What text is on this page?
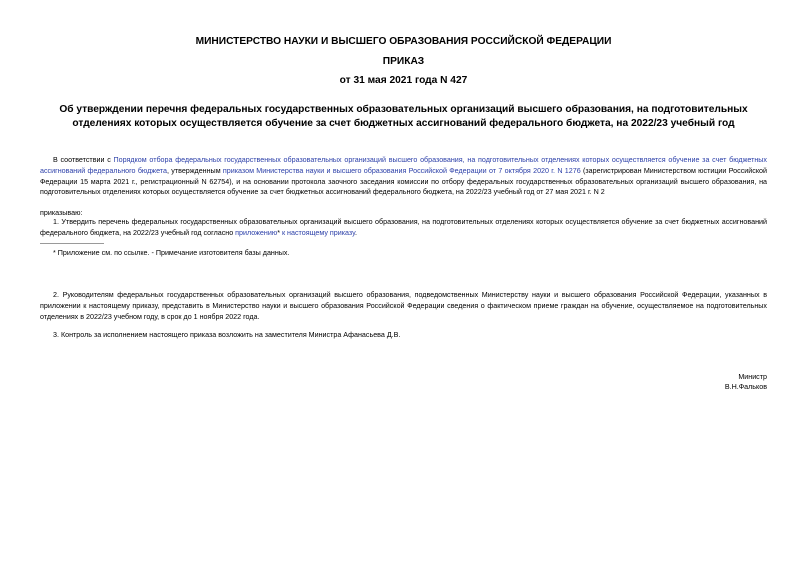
МИНИСТЕРСТВО НАУКИ И ВЫСШЕГО ОБРАЗОВАНИЯ РОССИЙСКОЙ ФЕДЕРАЦИИ
ПРИКАЗ
от 31 мая 2021 года N 427
Об утверждении перечня федеральных государственных образовательных организаций высшего образования, на подготовительных отделениях которых осуществляется обучение за счет бюджетных ассигнований федерального бюджета, на 2022/23 учебный год
В соответствии с Порядком отбора федеральных государственных образовательных организаций высшего образования, на подготовительных отделениях которых осуществляется обучение за счет бюджетных ассигнований федерального бюджета, утвержденным приказом Министерства науки и высшего образования Российской Федерации от 7 октября 2020 г. N 1276 (зарегистрирован Министерством юстиции Российской Федерации 15 марта 2021 г., регистрационный N 62754), и на основании протокола заочного заседания комиссии по отбору федеральных государственных образовательных организаций высшего образования, на подготовительных отделениях которых осуществляется обучение за счет бюджетных ассигнований федерального бюджета, на 2022/23 учебный год от 27 мая 2021 г. N 2
приказываю:
1. Утвердить перечень федеральных государственных образовательных организаций высшего образования, на подготовительных отделениях которых осуществляется обучение за счет бюджетных ассигнований федерального бюджета, на 2022/23 учебный год согласно приложению* к настоящему приказу.
* Приложение см. по ссылке. - Примечание изготовителя базы данных.
2. Руководителям федеральных государственных образовательных организаций высшего образования, подведомственных Министерству науки и высшего образования Российской Федерации, указанных в приложении к настоящему приказу, представить в Министерство науки и высшего образования Российской Федерации сведения о фактическом приеме граждан на обучение, осуществляемое на подготовительных отделениях в 2022/23 учебном году, в срок до 1 ноября 2022 года.
3. Контроль за исполнением настоящего приказа возложить на заместителя Министра Афанасьева Д.В.
Министр
В.Н.Фальков
